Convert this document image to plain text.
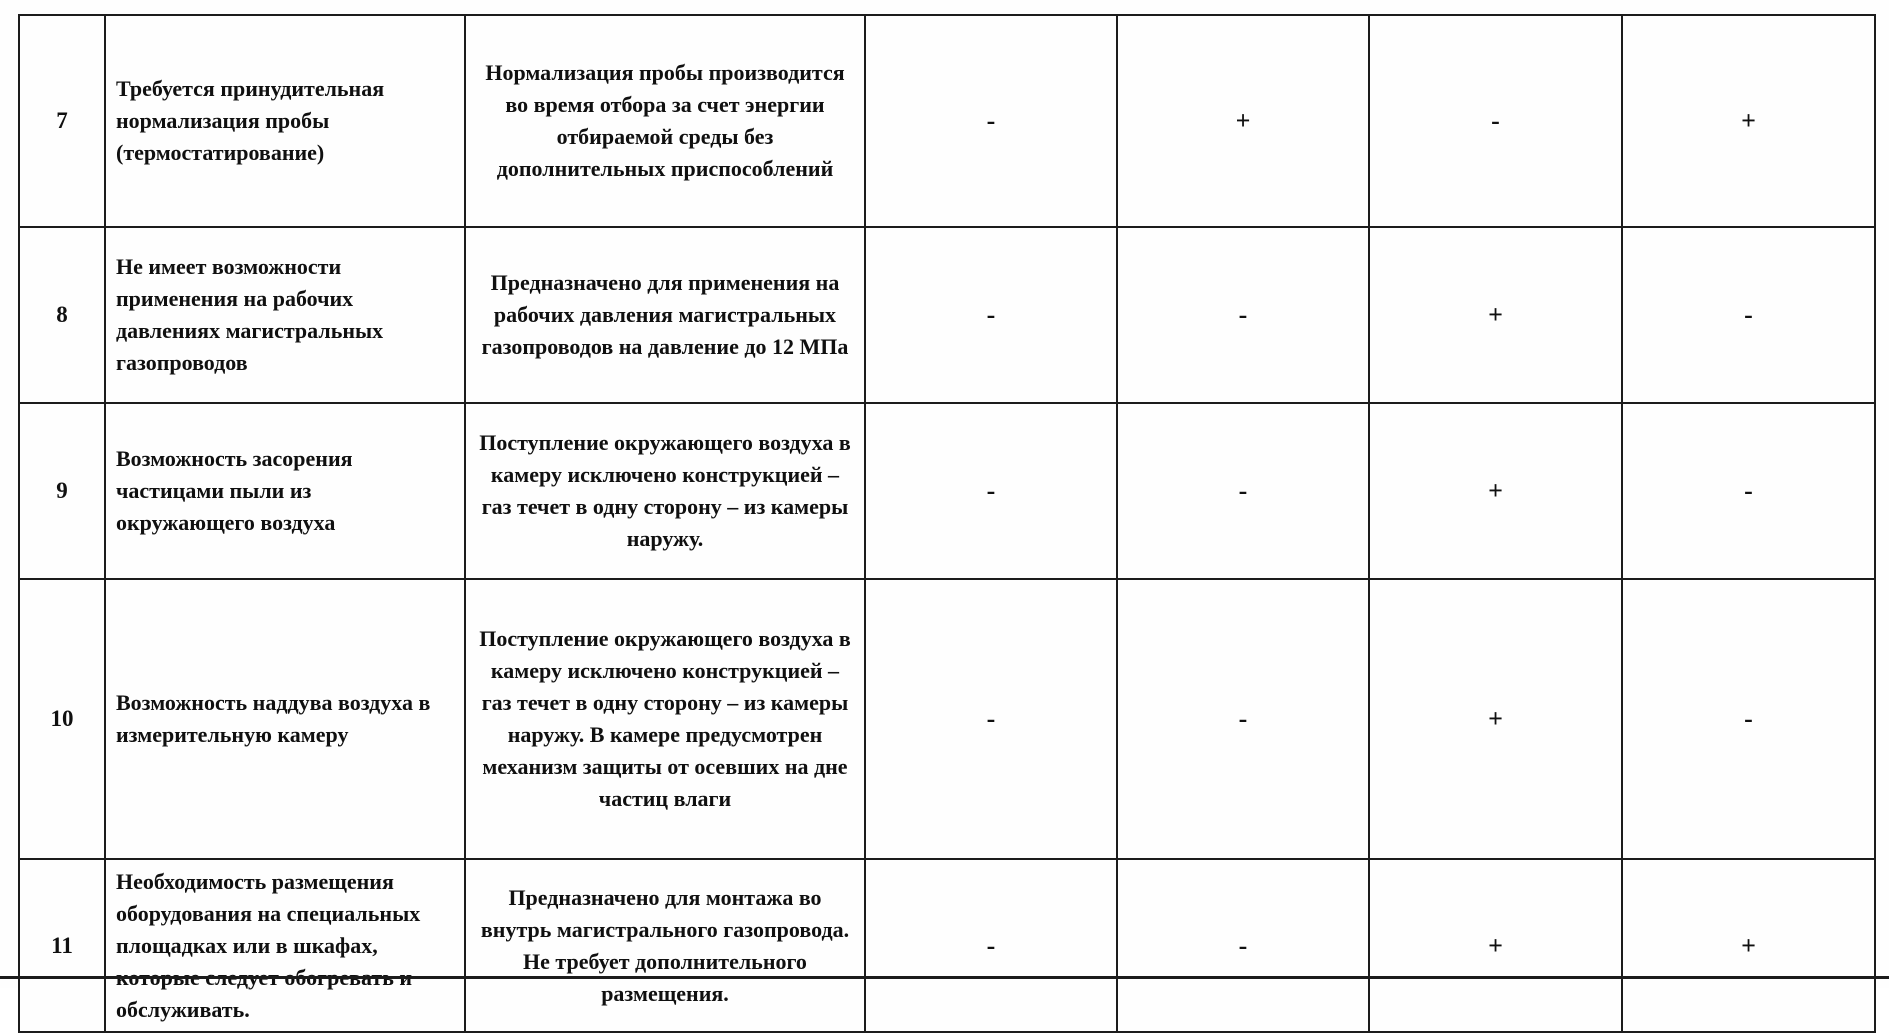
7	Требуется принудительная нормализация пробы (термостатирование)	Нормализация пробы производится во время отбора за счет энергии отбираемой среды без дополнительных приспособлений	-	+	-	+
8	Не имеет возможности применения на рабочих давлениях магистральных газопроводов	Предназначено для применения на рабочих давления магистральных газопроводов на давление до 12 МПа	-	-	+	-
9	Возможность засорения частицами пыли из окружающего воздуха	Поступление окружающего воздуха в камеру исключено конструкцией – газ течет в одну сторону – из камеры наружу.	-	-	+	-
10	Возможность наддува воздуха в измерительную камеру	Поступление окружающего воздуха в камеру исключено конструкцией – газ течет в одну сторону – из камеры наружу. В камере предусмотрен механизм защиты от осевших на дне частиц влаги	-	-	+	-
11	Необходимость размещения оборудования на специальных площадках или в шкафах, которые следует обогревать и обслуживать.	Предназначено для монтажа во внутрь магистрального газопровода. Не требует дополнительного размещения.	-	-	+	+
